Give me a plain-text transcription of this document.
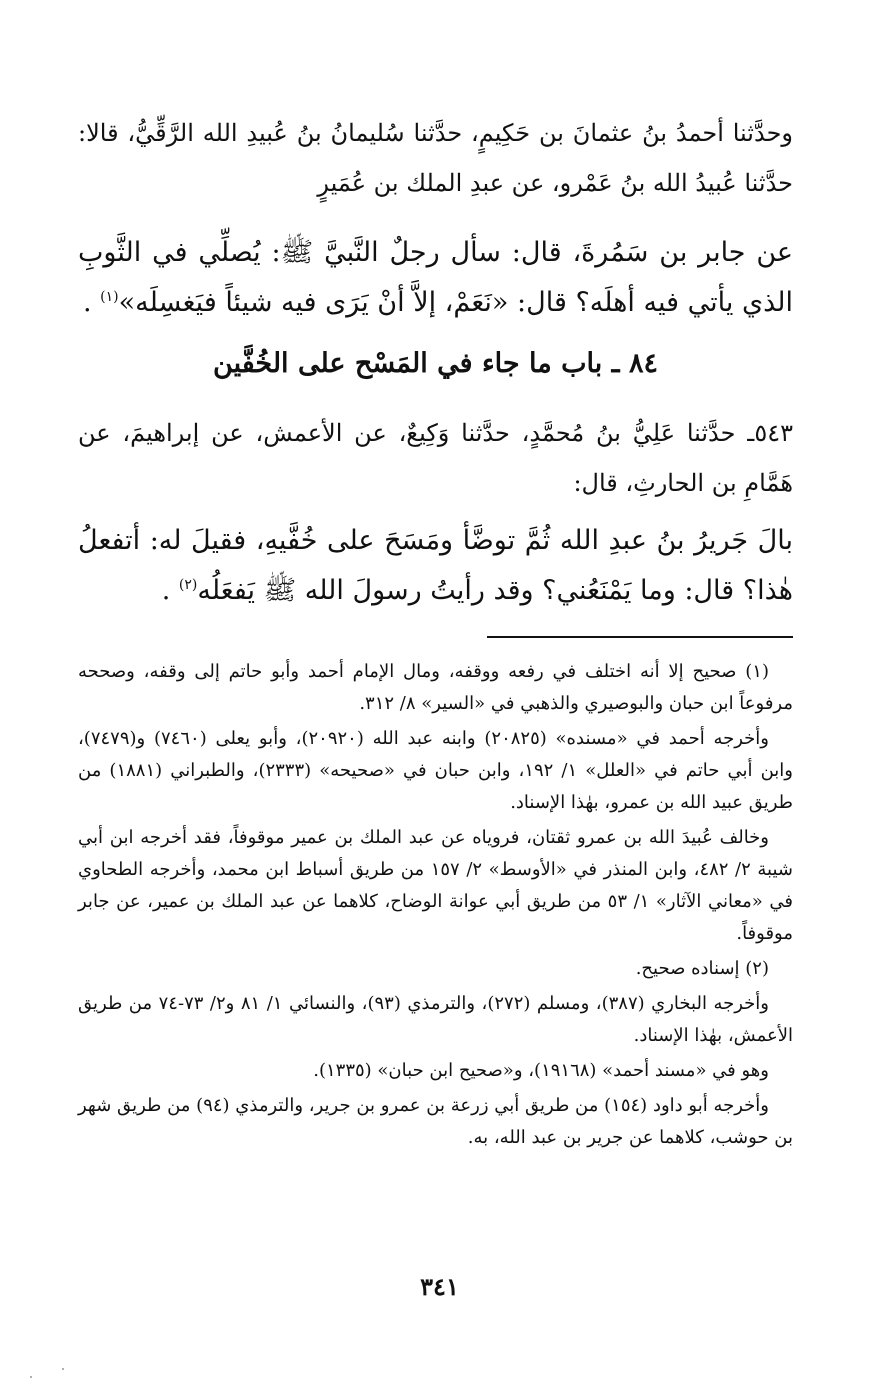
وحدَّثنا أحمدُ بنُ عثمانَ بن حَكِيمٍ، حدَّثنا سُليمانُ بنُ عُبيدِ الله الرَّقِّيُّ، قالا: حدَّثنا عُبيدُ الله بنُ عَمْرو، عن عبدِ الملك بن عُمَيرٍ
عن جابر بن سَمُرةَ، قال: سأل رجلٌ النَّبيَّ ﷺ: يُصلِّي في الثَّوبِ الذي يأتي فيه أهلَه؟ قال: «نَعَمْ، إلاَّ أنْ يَرَى فيه شيئاً فيَغسِلَه»$^{(١)}$ .
٨٤ ـ باب ما جاء في المَسْح على الخُفَّين
٥٤٣ـ حدَّثنا عَلِيُّ بنُ مُحمَّدٍ، حدَّثنا وَكِيعٌ، عن الأعمش، عن إبراهيمَ، عن هَمَّامِ بن الحارثِ، قال:
بالَ جَريرُ بنُ عبدِ الله ثُمَّ توضَّأ ومَسَحَ على خُفَّيهِ، فقيلَ له: أتفعلُ هٰذا؟ قال: وما يَمْنَعُني؟ وقد رأيتُ رسولَ الله ﷺ يَفعَلُه$^{(٢)}$ .

(١) صحيح إلا أنه اختلف في رفعه ووقفه، ومال الإمام أحمد وأبو حاتم إلى وقفه، وصححه مرفوعاً ابن حبان والبوصيري والذهبي في «السير» ٨/ ٣١٢.

وأخرجه أحمد في «مسنده» (٢٠٨٢٥) وابنه عبد الله (٢٠٩٢٠)، وأبو يعلى (٧٤٦٠) و(٧٤٧٩)، وابن أبي حاتم في «العلل» ١/ ١٩٢، وابن حبان في «صحيحه» (٢٣٣٣)، والطبراني (١٨٨١) من طريق عبيد الله بن عمرو، بهٰذا الإسناد.

وخالف عُبيدَ الله بن عمرو ثقتان، فروياه عن عبد الملك بن عمير موقوفاً، فقد أخرجه ابن أبي شيبة ٢/ ٤٨٢، وابن المنذر في «الأوسط» ٢/ ١٥٧ من طريق أسباط ابن محمد، وأخرجه الطحاوي في «معاني الآثار» ١/ ٥٣ من طريق أبي عوانة الوضاح، كلاهما عن عبد الملك بن عمير، عن جابر موقوفاً.

(٢) إسناده صحيح.

وأخرجه البخاري (٣٨٧)، ومسلم (٢٧٢)، والترمذي (٩٣)، والنسائي ١/ ٨١ و٢/ ٧٣-٧٤ من طريق الأعمش، بهٰذا الإسناد.

وهو في «مسند أحمد» (١٩١٦٨)، و«صحيح ابن حبان» (١٣٣٥).

وأخرجه أبو داود (١٥٤) من طريق أبي زرعة بن عمرو بن جرير، والترمذي (٩٤) من طريق شهر بن حوشب، كلاهما عن جرير بن عبد الله، به.

٣٤١
